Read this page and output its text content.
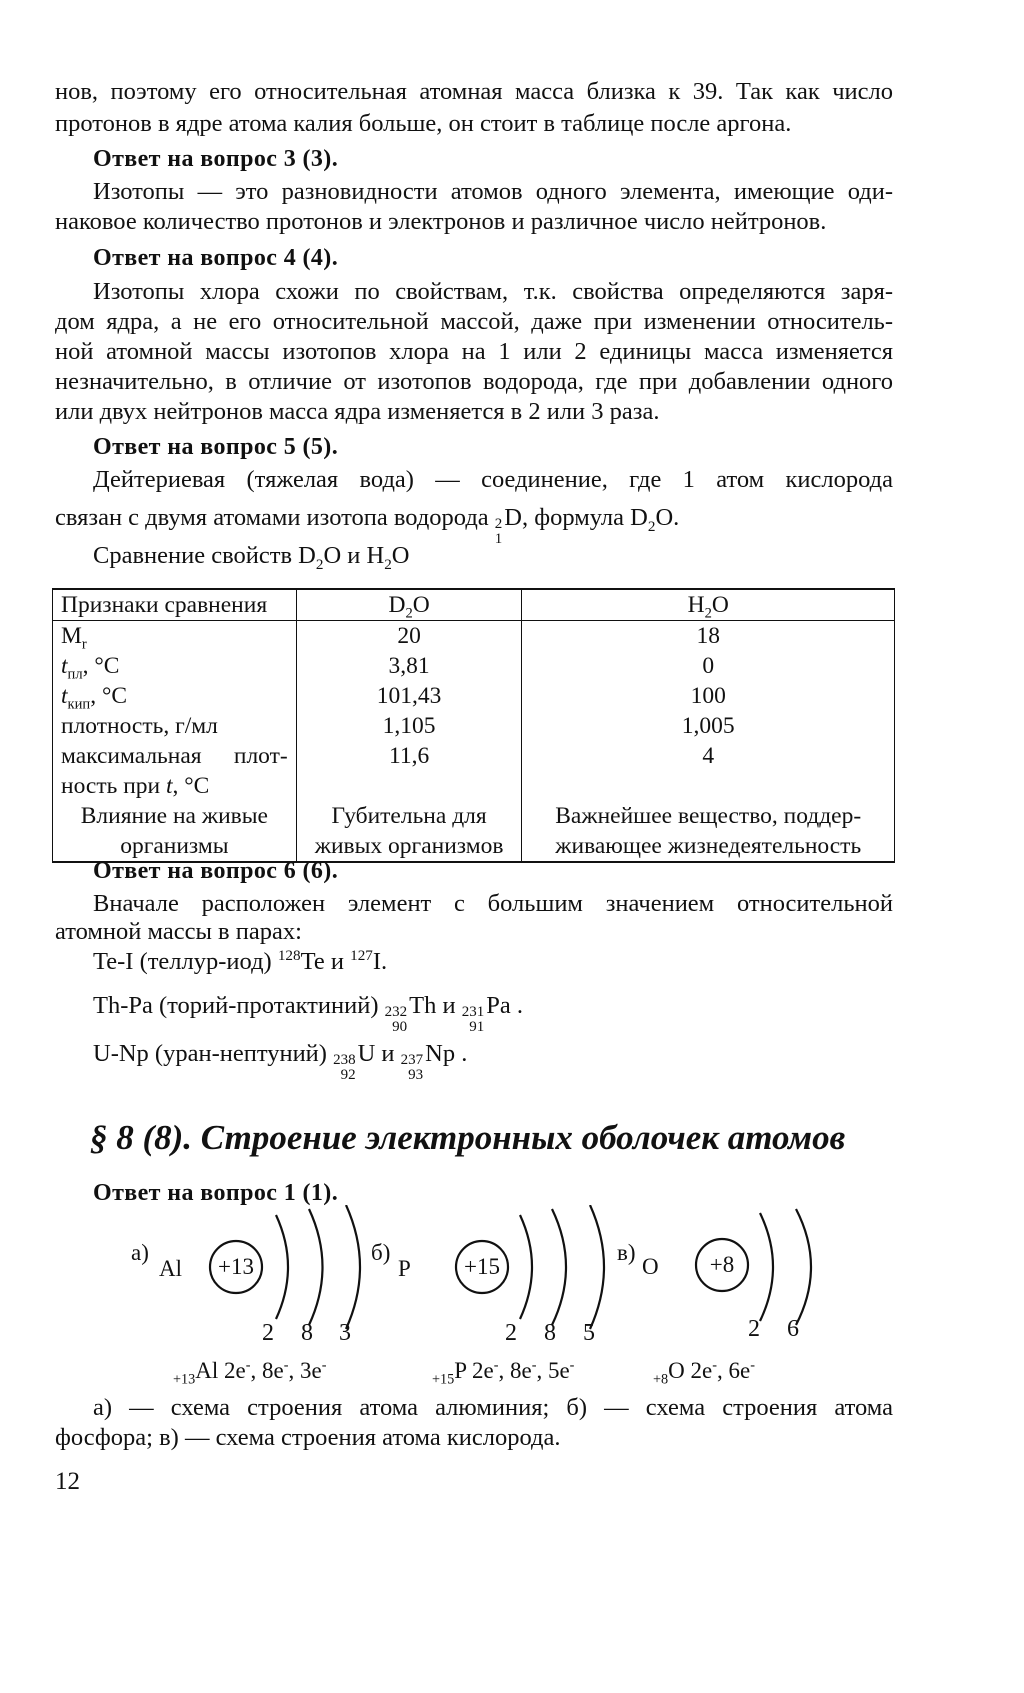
нов, поэтому его относительная атомная масса близка к 39. Так как число

протонов в ядре атома калия больше, он стоит в таблице после аргона.

Ответ на вопрос 3 (3).

Изотопы — это разновидности атомов одного элемента, имеющие оди-

наковое количество протонов и электронов и различное число нейтронов.

Ответ на вопрос 4 (4).

Изотопы хлора схожи по свойствам, т.к. свойства определяются заря-

дом ядра, а не его относительной массой, даже при изменении относитель-

ной атомной массы изотопов хлора на 1 или 2 единицы масса изменяется

незначительно, в отличие от изотопов водорода, где при добавлении одного

или двух нейтронов масса ядра изменяется в 2 или 3 раза.

Ответ на вопрос 5 (5).

Дейтериевая (тяжелая вода) — соединение, где 1 атом кислорода

связан с двумя атомами изотопа водорода 2
1
D, формула $D_2O$.

Сравнение свойств $D_2O$ и $H_2O$

Признаки сравнения	$D_2O$	$H_2O$
$M_r$	20	18
$t_{пл}$, °C	3,81	0
$t_{кип}$, °C	101,43	100
плотность, г/мл	1,105	1,005

максимальная плот-
ность при t, °C	11,6	4

Влияние на живые
организмы	Губительна для
живых организмов	Важнейшее вещество, поддер-
живающее жизнедеятельность
Ответ на вопрос 6 (6).

Вначале расположен элемент с большим значением относительной

атомной массы в парах:

Te-I (теллур-иод) $^{128}$Te и $^{127}$I.

Th-Pa (торий-протактиний) 232
90
Th и 231
91
Pa .

U-Np (уран-нептуний) 238
92
U и 237
93
Np .

§ 8 (8). Строение электронных оболочек атомов
Ответ на вопрос 1 (1).
а)
Al +13
2 8 3
$_{+13}$Al 2e-, 8e-, 3e-
б)
P +15
2 8 5
$_{+15}$P 2e-, 8e-, 5e-
в)
O	+8
2 6
$_{+8}$O 2e-, 6e-

а) — схема строения атома алюминия; б) — схема строения атома

фосфора; в) — схема строения атома кислорода.

12
